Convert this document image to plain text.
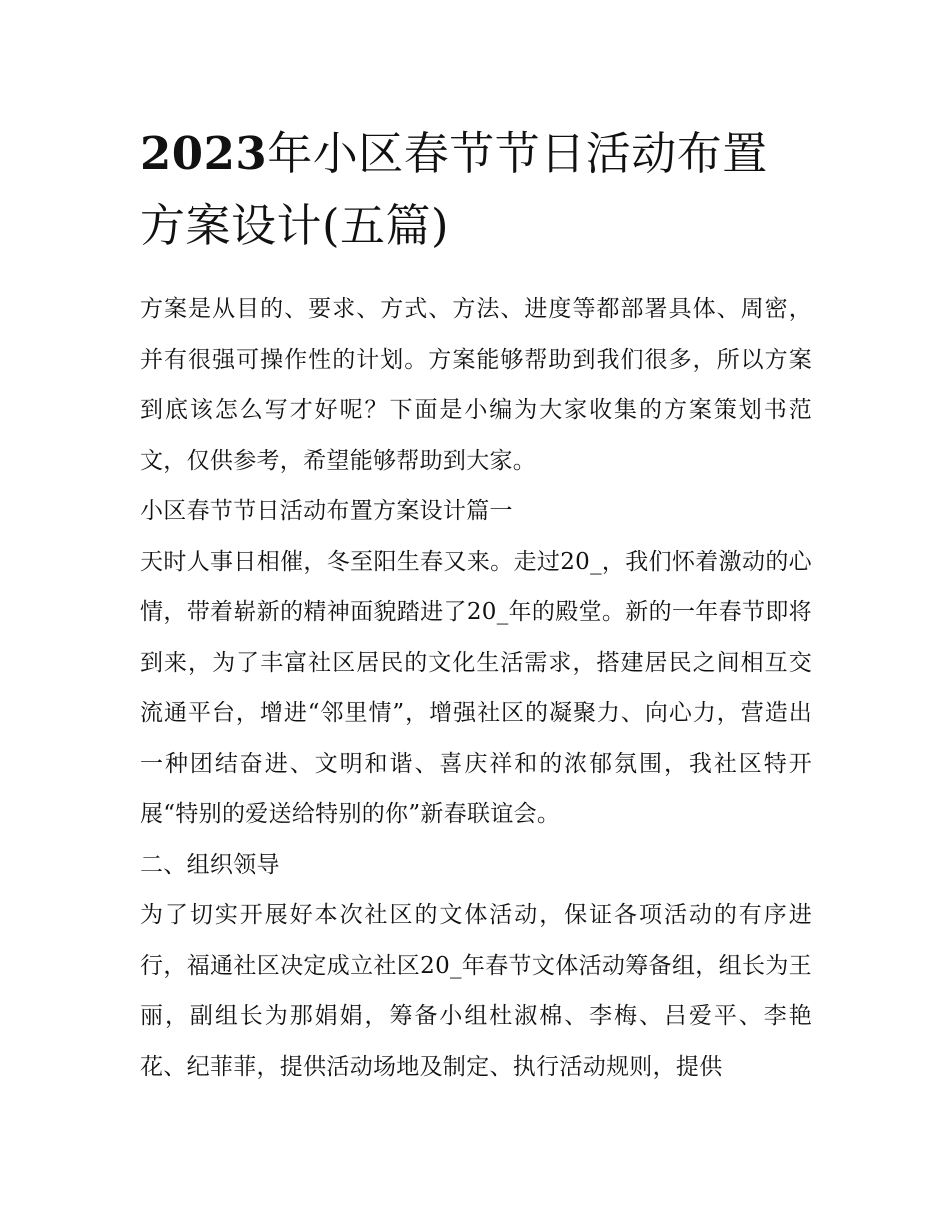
2023年小区春节节日活动布置方案设计(五篇)

方案是从目的、要求、方式、方法、进度等都部署具体、周密，并有很强可操作性的计划。方案能够帮助到我们很多，所以方案到底该怎么写才好呢？下面是小编为大家收集的方案策划书范文，仅供参考，希望能够帮助到大家。

小区春节节日活动布置方案设计篇一

天时人事日相催，冬至阳生春又来。走过20_，我们怀着激动的心情，带着崭新的精神面貌踏进了20_年的殿堂。新的一年春节即将到来，为了丰富社区居民的文化生活需求，搭建居民之间相互交流通平台，增进“邻里情”，增强社区的凝聚力、向心力，营造出一种团结奋进、文明和谐、喜庆祥和的浓郁氛围，我社区特开展“特别的爱送给特别的你”新春联谊会。

二、组织领导

为了切实开展好本次社区的文体活动，保证各项活动的有序进行，福通社区决定成立社区20_年春节文体活动筹备组，组长为王丽，副组长为那娟娟，筹备小组杜淑棉、李梅、吕爱平、李艳花、纪菲菲，提供活动场地及制定、执行活动规则，提供
